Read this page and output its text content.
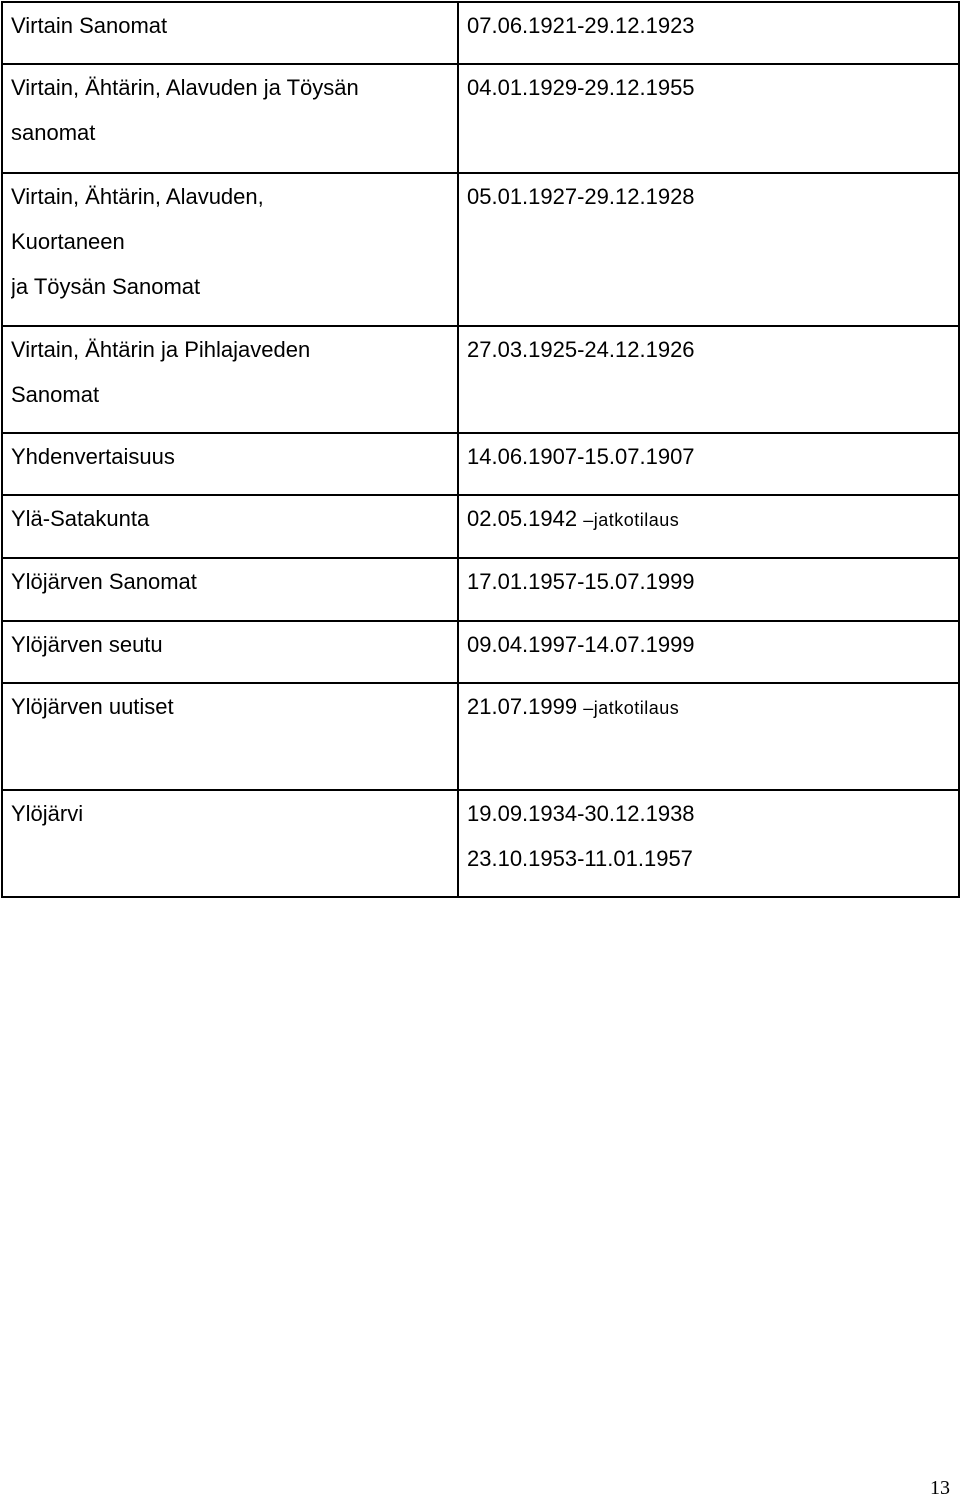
Virtain Sanomat	07.06.1921-29.12.1923

Virtain, Ähtärin, Alavuden ja Töysän
sanomat	04.01.1929-29.12.1955

Virtain, Ähtärin, Alavuden,
Kuortaneen
ja Töysän Sanomat	05.01.1927-29.12.1928

Virtain, Ähtärin ja Pihlajaveden
Sanomat	27.03.1925-24.12.1926

Yhdenvertaisuus	14.06.1907-15.07.1907

Ylä-Satakunta	02.05.1942 –jatkotilaus

Ylöjärven Sanomat	17.01.1957-15.07.1999

Ylöjärven seutu	09.04.1997-14.07.1999

Ylöjärven uutiset	21.07.1999 –jatkotilaus

Ylöjärvi	19.09.1934-30.12.1938
23.10.1953-11.01.1957
13
